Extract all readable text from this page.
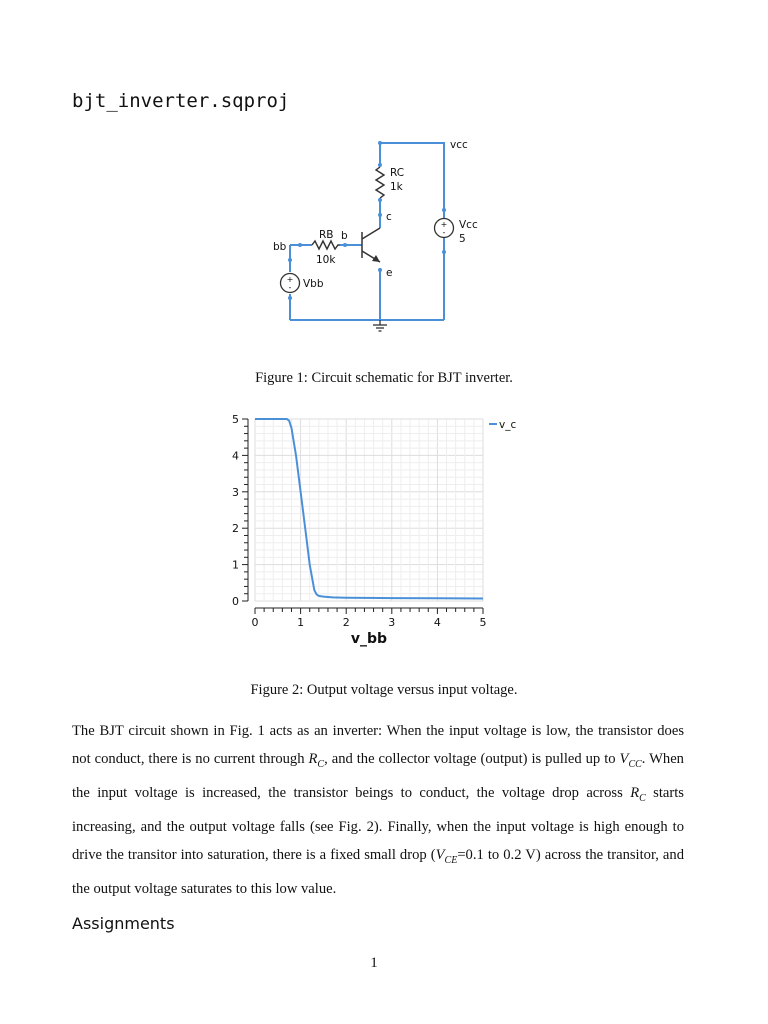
bjt_inverter.sqproj
+
-
+
-
vcc
RC
1k
c
Vcc
5
RB b
10k
bb
e
Vbb
Figure 1: Circuit schematic for BJT inverter.
0	1	2	3	4	5
0
1
2
3
4
5
v_bb
v_c
Figure 2: Output voltage versus input voltage.
The BJT circuit shown in Fig. 1 acts as an inverter: When the input voltage is low, the transistor does not conduct, there is no current through $R_C$, and the collector voltage (output) is pulled up to $V_{CC}$. When the input voltage is increased, the transistor beings to conduct, the voltage drop across $R_C$ starts increasing, and the output voltage falls (see Fig. 2). Finally, when the input voltage is high enough to drive the transitor into saturation, there is a fixed small drop ($V_{CE}=0.1$ to 0.2 V) across the transitor, and the output voltage saturates to this low value.
Assignments
1
